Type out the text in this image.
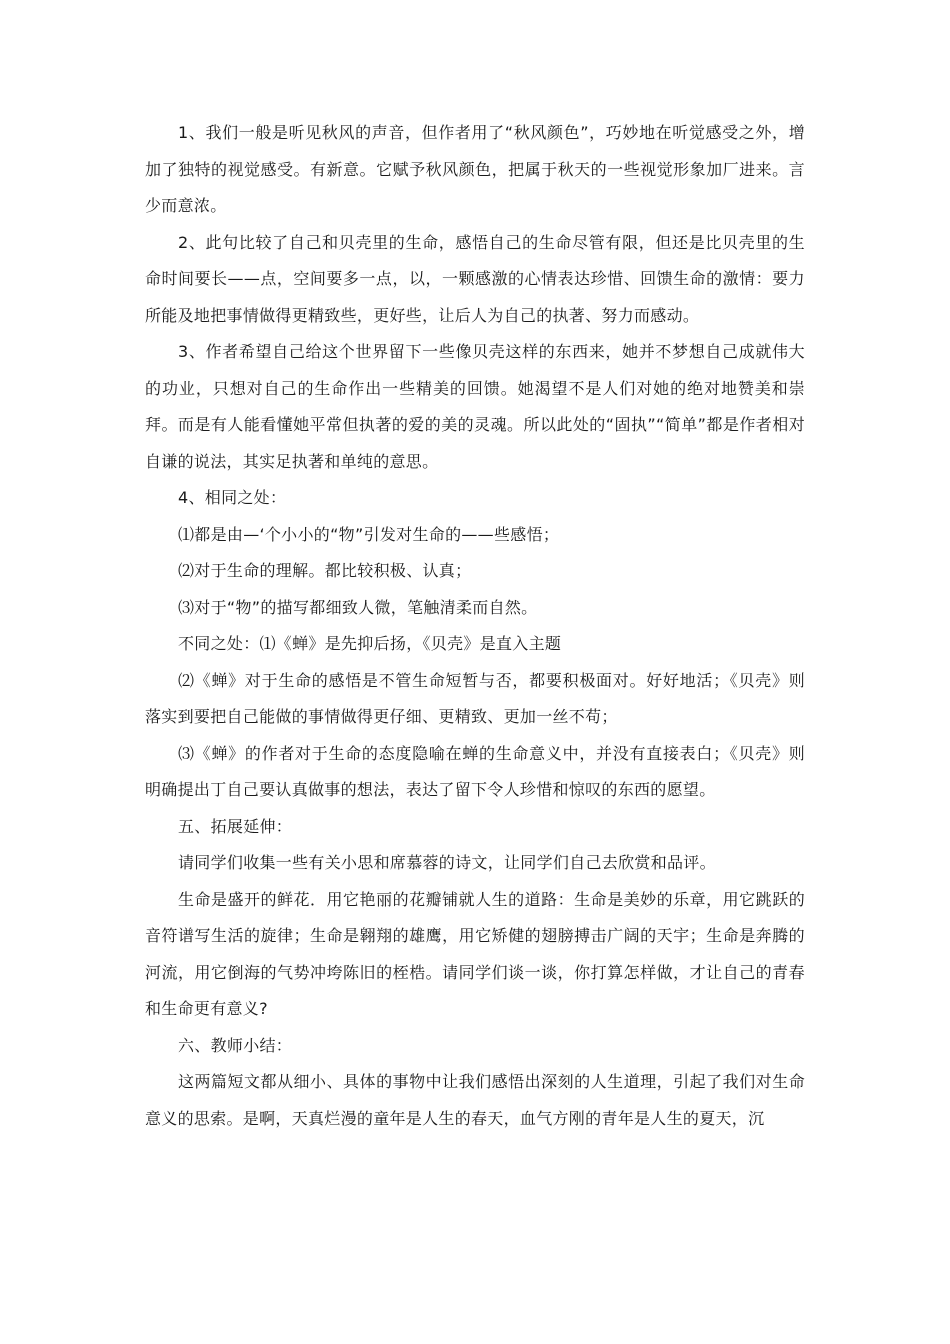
1、我们一般是听见秋风的声音，但作者用了“秋风颜色”，巧妙地在听觉感受之外，增加了独特的视觉感受。有新意。它赋予秋风颜色，把属于秋天的一些视觉形象加厂进来。言少而意浓。

2、此句比较了自己和贝壳里的生命，感悟自己的生命尽管有限，但还是比贝壳里的生命时间要长——点，空间要多一点，以，一颗感激的心情表达珍惜、回馈生命的激情：要力所能及地把事情做得更精致些，更好些，让后人为自己的执著、努力而感动。

3、作者希望自己给这个世界留下一些像贝壳这样的东西来，她并不梦想自己成就伟大的功业，只想对自己的生命作出一些精美的回馈。她渴望不是人们对她的绝对地赞美和崇拜。而是有人能看懂她平常但执著的爱的美的灵魂。所以此处的“固执”“简单”都是作者相对自谦的说法，其实足执著和单纯的意思。

4、相同之处：

⑴都是由—‘个小小的“物”引发对生命的——些感悟；

⑵对于生命的理解。都比较积极、认真；

⑶对于“物”的描写都细致人微，笔触清柔而自然。

不同之处：⑴《蝉》是先抑后扬，《贝壳》是直入主题

⑵《蝉》对于生命的感悟是不管生命短暂与否，都要积极面对。好好地活；《贝壳》则落实到要把自己能做的事情做得更仔细、更精致、更加一丝不苟；

⑶《蝉》的作者对于生命的态度隐喻在蝉的生命意义中，并没有直接表白；《贝壳》则明确提出丁自己要认真做事的想法，表达了留下令人珍惜和惊叹的东西的愿望。

五、拓展延伸：

请同学们收集一些有关小思和席慕蓉的诗文，让同学们自己去欣赏和品评。

生命是盛开的鲜花．用它艳丽的花瓣铺就人生的道路：生命是美妙的乐章，用它跳跃的音符谱写生活的旋律；生命是翱翔的雄鹰，用它矫健的翅膀搏击广阔的天宇；生命是奔腾的河流，用它倒海的气势冲垮陈旧的桎梏。请同学们谈一谈，你打算怎样做，才让自己的青春和生命更有意义?

六、教师小结：

这两篇短文都从细小、具体的事物中让我们感悟出深刻的人生道理，引起了我们对生命意义的思索。是啊，天真烂漫的童年是人生的春天，血气方刚的青年是人生的夏天，沉
